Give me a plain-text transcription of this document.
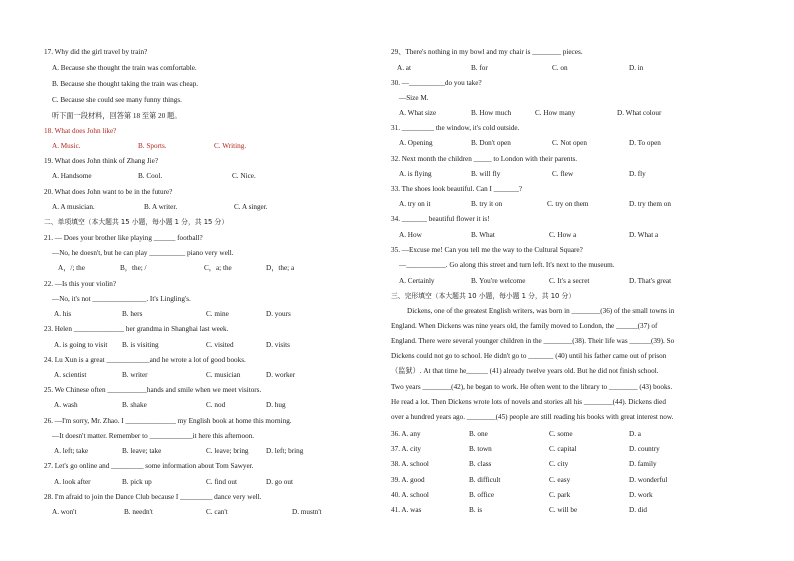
17. Why did the girl travel by train?
A. Because she thought the train was comfortable.
B. Because she thought taking the train was cheap.
C. Because she could see many funny things.
听下面一段材料，回答第 18 至第 20 题。
18. What does John like?
A. Music.	B. Sports.	C. Writing.
19. What does John think of Zhang Jie?
A. Handsome	B. Cool.	C. Nice.
20. What does John want to be in the future?
A. A musician.	B. A writer.	C. A singer.
二、单项填空（本大题共 15 小题，每小题 1 分，共 15 分）
21. — Does your brother like playing ______ football?
—No, he doesn't, but he can play __________ piano very well.
A，/; the	B，the; /	C，a; the	D，the; a
22. —Is this your violin?
—No, it's not _______________. It's Lingling's.
A. his	B. hers	C. mine	D. yours
23. Helen ______________ her grandma in Shanghai last week.
A. is going to visit B. is visiting	C. visited	D. visits
24. Lu Xun is a great ____________and he wrote a lot of good books.
A. scientist	B. writer	C. musician	D. worker
25. We Chinese often ___________hands and smile when we meet visitors.
A. wash	B. shake	C. nod	D. hug
26. —I'm sorry, Mr. Zhao. I ______________ my English book at home this morning.
—It doesn't matter. Remember to ____________it here this afternoon.
A. left; take	B. leave; take	C. leave; bring D. left; bring
27. Let's go online and _________ some information about Tom Sawyer.
A. look after	B. pick up	C. find out	D. go out
28. I'm afraid to join the Dance Club because I _________ dance very well.
A. won't	B. needn't	C. can't	D. mustn't
29、There's nothing in my bowl and my chair is ________ pieces.
A. at	B. for	C. on	D. in
30. —__________do you take?
—Size M.
A. What size	B. How much	C. How many	D. What colour
31. _________ the window, it's cold outside.
A. Opening	B. Don't open	C. Not open	D. To open
32. Next month the children _____ to London with their parents.
A. is flying	B. will fly	C. flew	D. fly
33. The shoes look beautiful. Can I _______?
A. try on it	B. try it on	C. try on them	D. try them on
34. _______ beautiful flower it is!
A. How	B. What	C. How a	D. What a
35. —Excuse me! Can you tell me the way to the Cultural Square?
—___________. Go along this street and turn left. It's next to the museum.
A. Certainly	B. You're welcome	C. It's a secret	D. That's great
三、完形填空（本大题共 10 小题，每小题 1 分，共 10 分）
Dickens, one of the greatest English writers, was born in ________(36) of the small towns in
England. When Dickens was nine years old, the family moved to London, the ______(37) of
England. There were several younger children in the ________(38). Their life was ______(39). So
Dickens could not go to school. He didn't go to _______ (40) until his father came out of prison
（监狱）. At that time he______ (41) already twelve years old. But he did not finish school.
Two years ________(42), he began to work. He often went to the library to ________ (43) books.
He read a lot. Then Dickens wrote lots of novels and stories all his ________(44). Dickens died
over a hundred years ago. ________(45) people are still reading his books with great interest now.
36. A. any	B. one	C. some	D. a
37. A. city	B. town	C. capital	D. country
38. A. school	B. class	C. city	D. family
39. A. good	B. difficult	C. easy	D. wonderful
40. A. school	B. office	C. park	D. work
41. A. was	B. is	C. will be	D. did
